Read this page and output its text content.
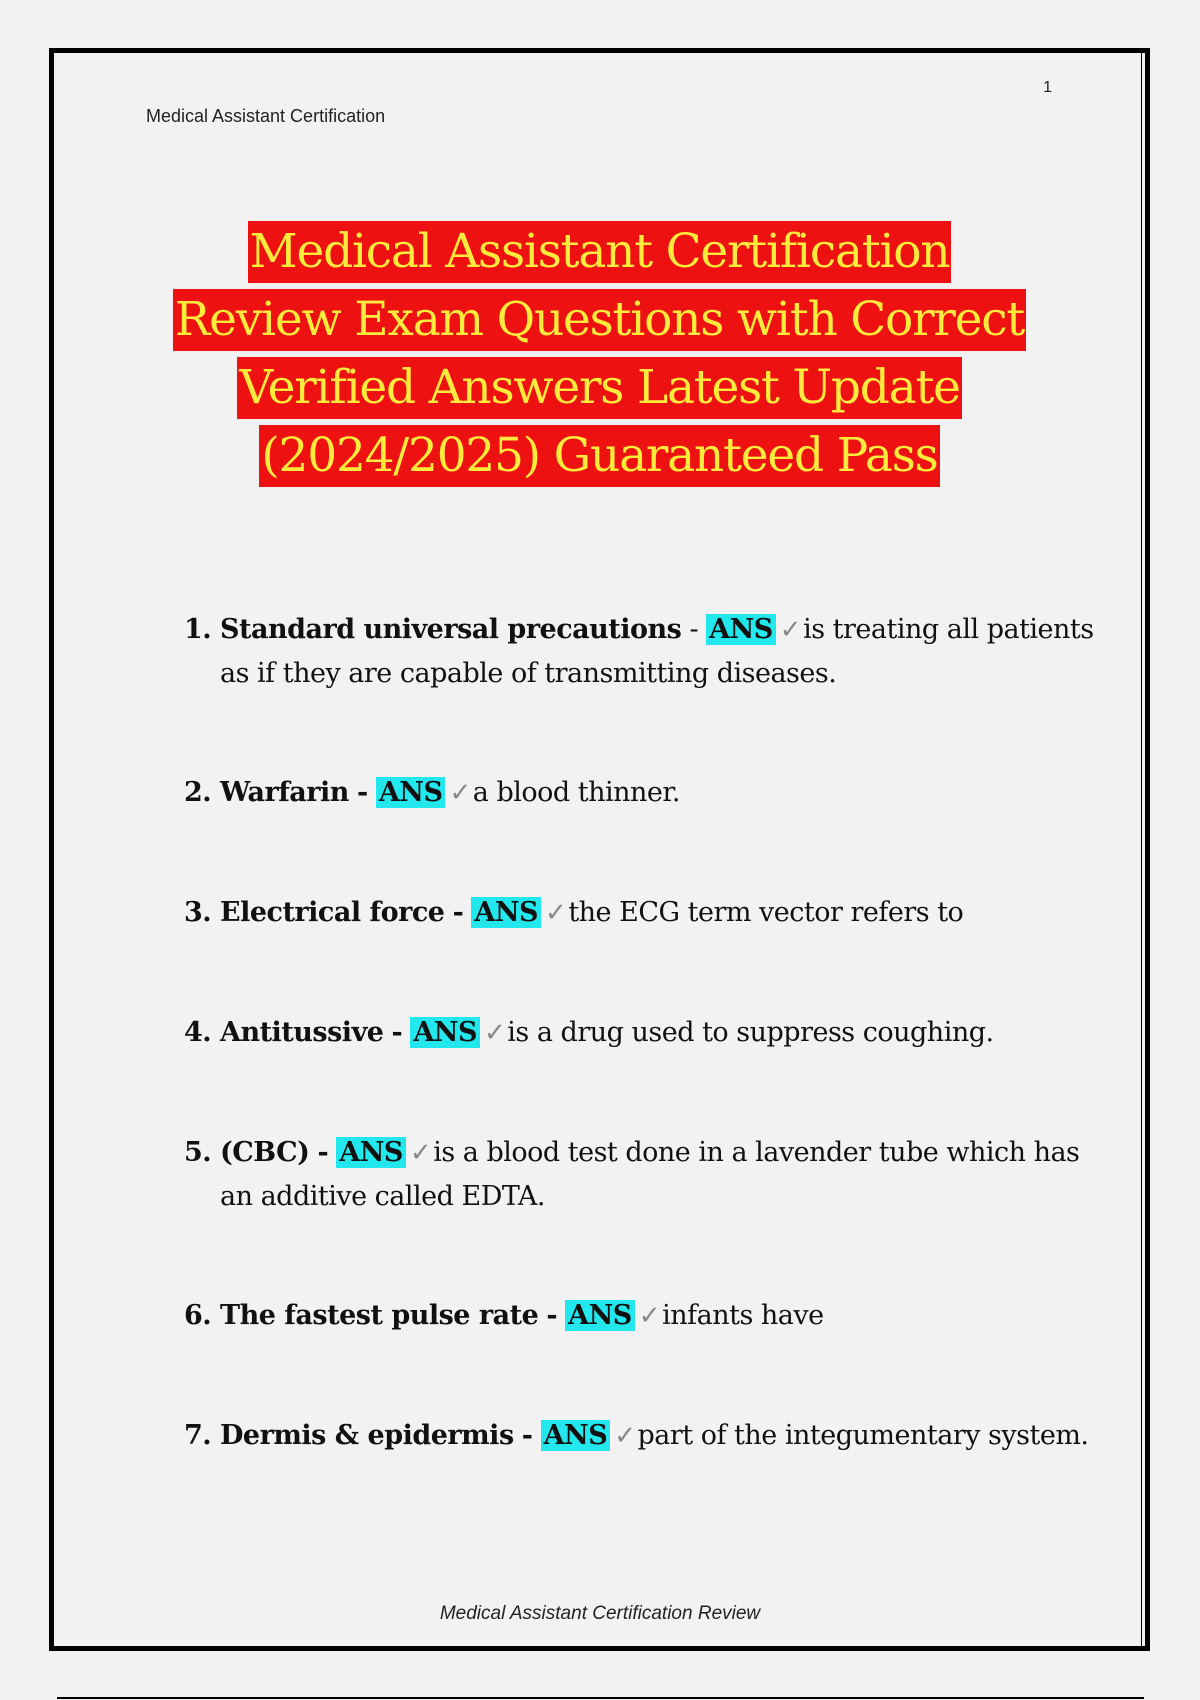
1
Medical Assistant Certification
Medical Assistant Certification
Review Exam Questions with Correct
Verified Answers Latest Update
(2024/2025) Guaranteed Pass
1. Standard universal precautions - ANS ✓is treating all patients as if they are capable of transmitting diseases.
2. Warfarin - ANS ✓a blood thinner.
3. Electrical force - ANS ✓the ECG term vector refers to
4. Antitussive - ANS ✓is a drug used to suppress coughing.
5. (CBC) - ANS ✓is a blood test done in a lavender tube which has an additive called EDTA.
6. The fastest pulse rate - ANS ✓infants have
7. Dermis & epidermis - ANS ✓part of the integumentary system.
Medical Assistant Certification Review
